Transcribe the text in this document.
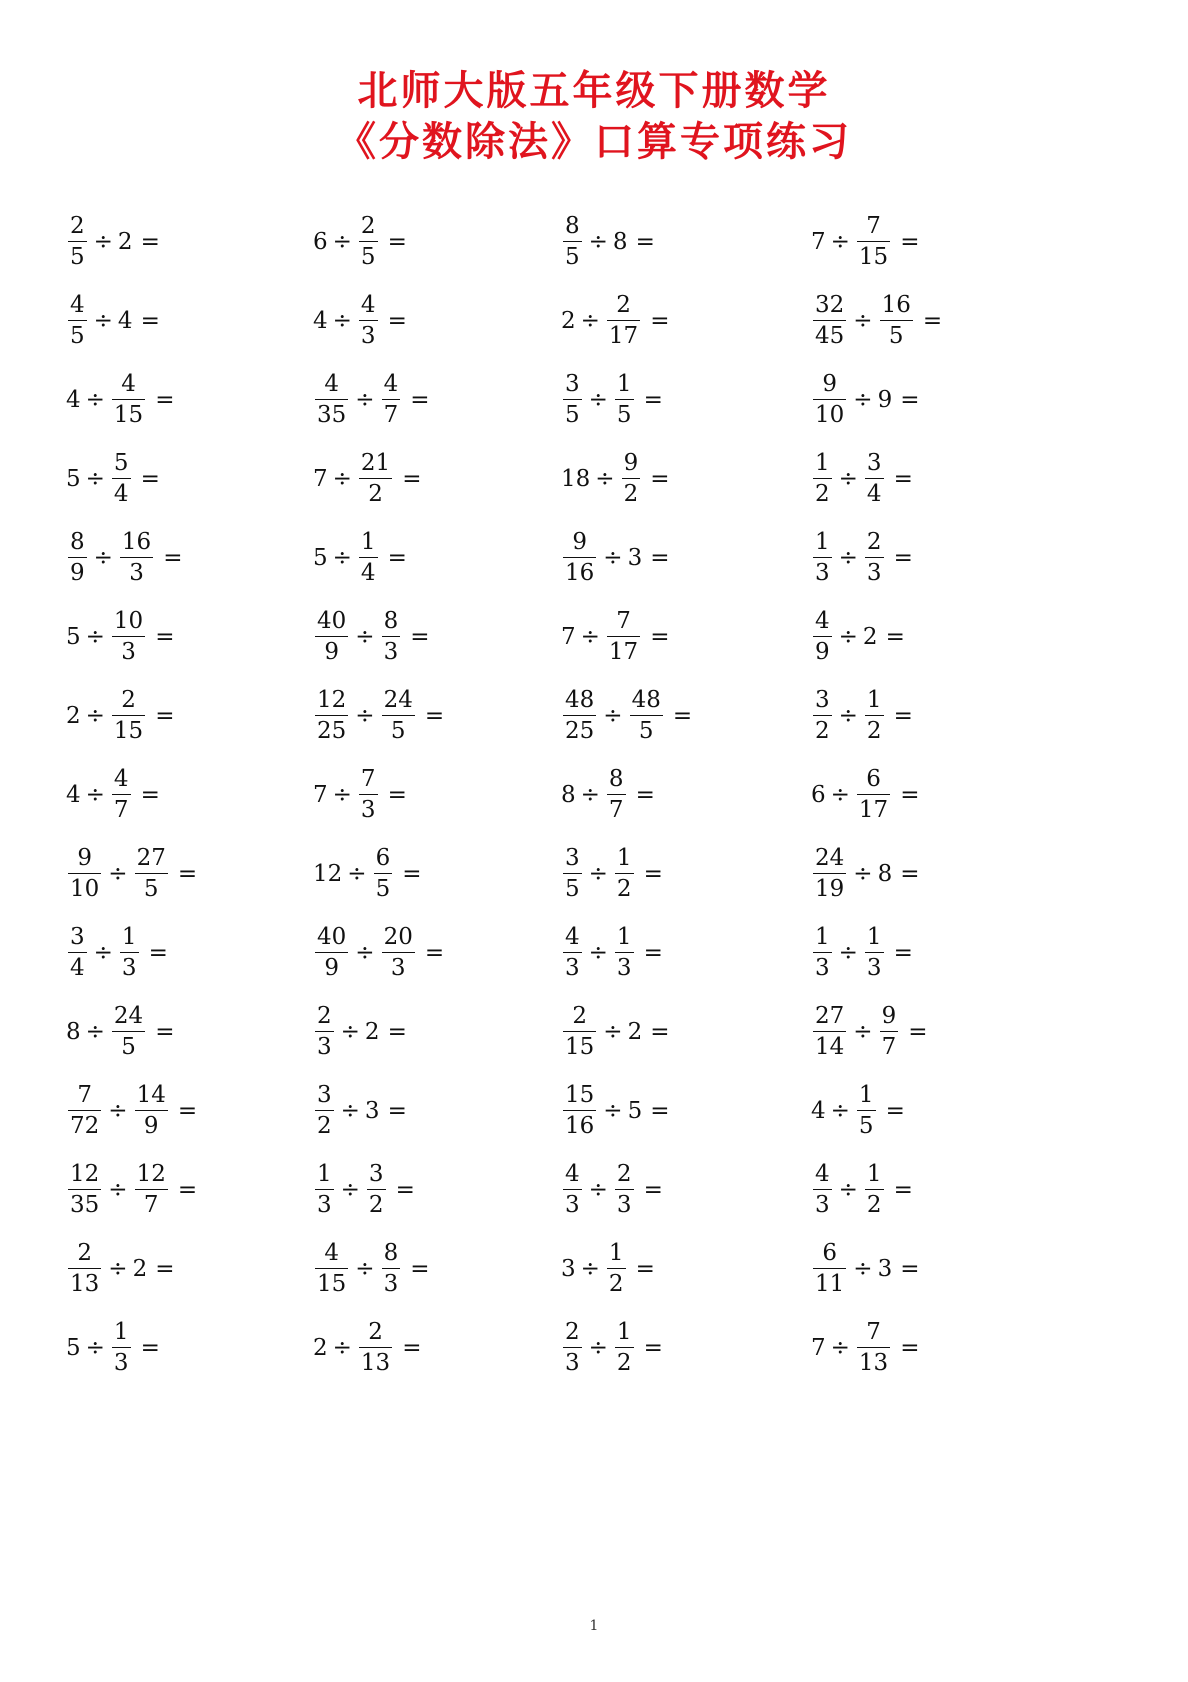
北师大版五年级下册数学
《分数除法》口算专项练习
$\frac{2}{5} \div 2$ =	$6 \div \frac{2}{5}$ =	$\frac{8}{5} \div 8$ =	$7 \div \frac{7}{15}$ =
$\frac{4}{5} \div 4$ =	$4 \div \frac{4}{3}$ =	$2 \div \frac{2}{17}$ =	$\frac{32}{45} \div \frac{16}{5}$ =
$4 \div \frac{4}{15}$ =	$\frac{4}{35} \div \frac{4}{7}$ =	$\frac{3}{5} \div \frac{1}{5}$ =	$\frac{9}{10} \div 9$ =
$5 \div \frac{5}{4}$ =	$7 \div \frac{21}{2}$ =	$18 \div \frac{9}{2}$ =	$\frac{1}{2} \div \frac{3}{4}$ =
$\frac{8}{9} \div \frac{16}{3}$ =	$5 \div \frac{1}{4}$ =	$\frac{9}{16} \div 3$ =	$\frac{1}{3} \div \frac{2}{3}$ =
$5 \div \frac{10}{3}$ =	$\frac{40}{9} \div \frac{8}{3}$ =	$7 \div \frac{7}{17}$ =	$\frac{4}{9} \div 2$ =
$2 \div \frac{2}{15}$ =	$\frac{12}{25} \div \frac{24}{5}$ =	$\frac{48}{25} \div \frac{48}{5}$ =	$\frac{3}{2} \div \frac{1}{2}$ =
$4 \div \frac{4}{7}$ =	$7 \div \frac{7}{3}$ =	$8 \div \frac{8}{7}$ =	$6 \div \frac{6}{17}$ =
$\frac{9}{10} \div \frac{27}{5}$ =	$12 \div \frac{6}{5}$ =	$\frac{3}{5} \div \frac{1}{2}$ =	$\frac{24}{19} \div 8$ =
$\frac{3}{4} \div \frac{1}{3}$ =	$\frac{40}{9} \div \frac{20}{3}$ =	$\frac{4}{3} \div \frac{1}{3}$ =	$\frac{1}{3} \div \frac{1}{3}$ =
$8 \div \frac{24}{5}$ =	$\frac{2}{3} \div 2$ =	$\frac{2}{15} \div 2$ =	$\frac{27}{14} \div \frac{9}{7}$ =
$\frac{7}{72} \div \frac{14}{9}$ =	$\frac{3}{2} \div 3$ =	$\frac{15}{16} \div 5$ =	$4 \div \frac{1}{5}$ =
$\frac{12}{35} \div \frac{12}{7}$ =	$\frac{1}{3} \div \frac{3}{2}$ =	$\frac{4}{3} \div \frac{2}{3}$ =	$\frac{4}{3} \div \frac{1}{2}$ =
$\frac{2}{13} \div 2$ =	$\frac{4}{15} \div \frac{8}{3}$ =	$3 \div \frac{1}{2}$ =	$\frac{6}{11} \div 3$ =
$5 \div \frac{1}{3}$ =	$2 \div \frac{2}{13}$ =	$\frac{2}{3} \div \frac{1}{2}$ =	$7 \div \frac{7}{13}$ =
1
